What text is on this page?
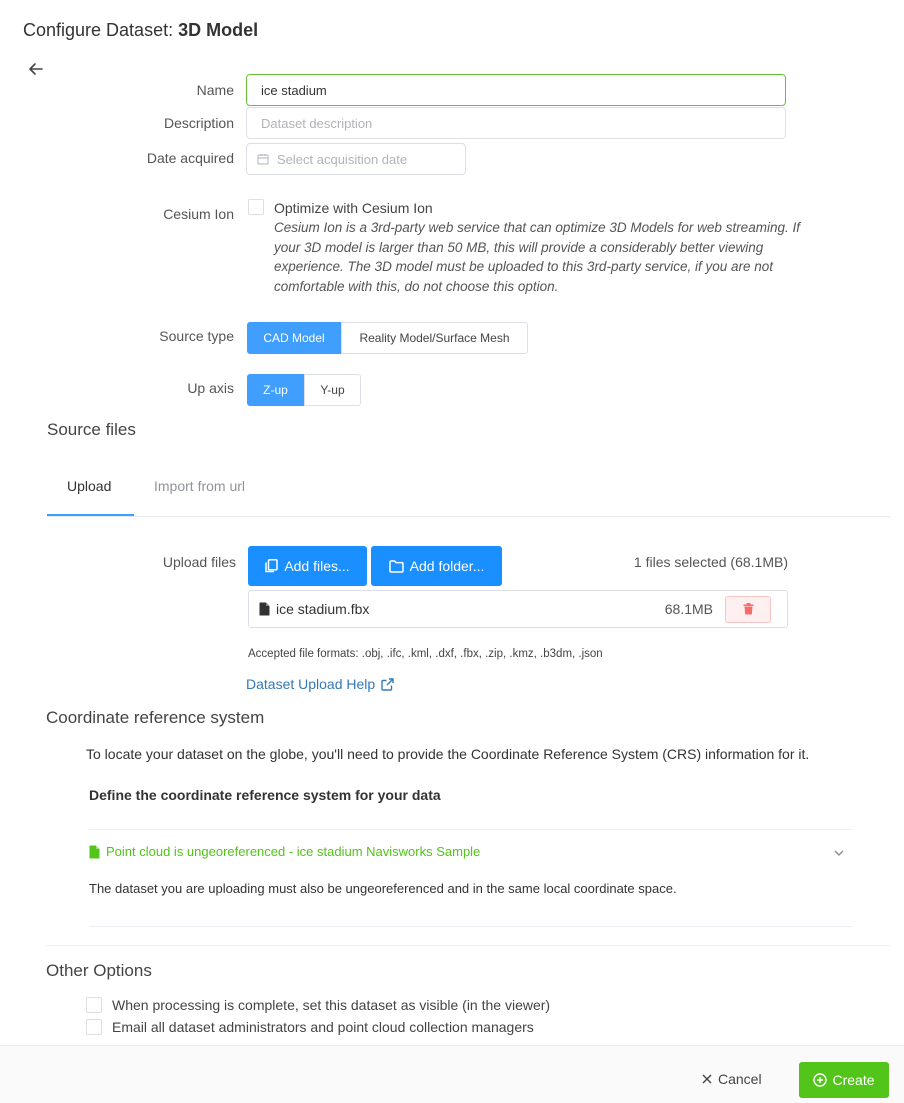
Configure Dataset: 3D Model
Name ice stadium
Description Dataset description
Date acquired	Select acquisition date
Cesium Ion	Optimize with Cesium Ion
Cesium Ion is a 3rd-party web service that can optimize 3D Models for web streaming. If your 3D model is larger than 50 MB, this will provide a considerably better viewing experience. The 3D model must be uploaded to this 3rd-party service, if you are not comfortable with this, do not choose this option.
Source type	CAD Model	Reality Model/Surface Mesh
Up axis	Z-up	Y-up
Source files
Upload	Import from url
Upload files	Add files...	Add folder...	1 files selected (68.1MB)
ice stadium.fbx	68.1MB
Accepted file formats: .obj, .ifc, .kml, .dxf, .fbx, .zip, .kmz, .b3dm, .json
Dataset Upload Help
Coordinate reference system
To locate your dataset on the globe, you'll need to provide the Coordinate Reference System (CRS) information for it.
Define the coordinate reference system for your data
Point cloud is ungeoreferenced - ice stadium Navisworks Sample
The dataset you are uploading must also be ungeoreferenced and in the same local coordinate space.
Other Options
When processing is complete, set this dataset as visible (in the viewer)
Email all dataset administrators and point cloud collection managers
Cancel	Create
